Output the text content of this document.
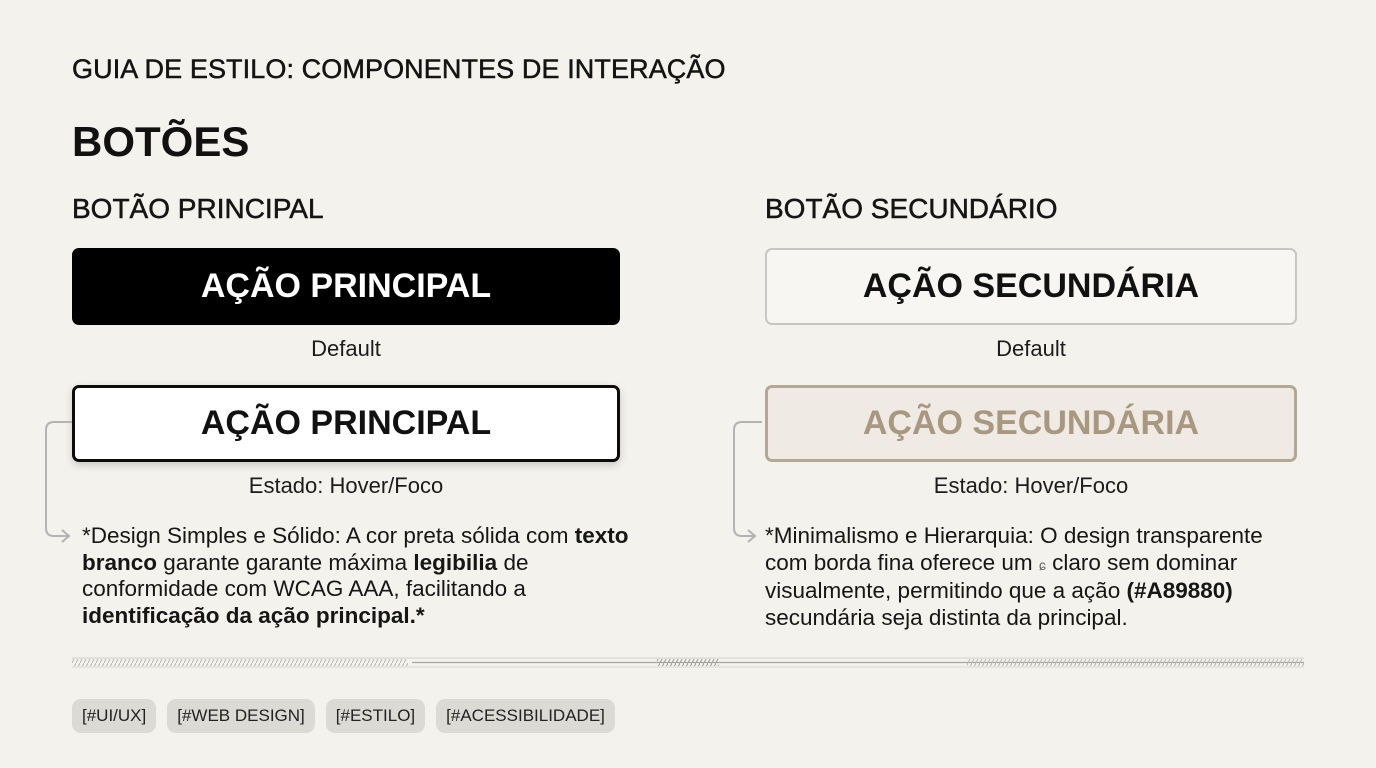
GUIA DE ESTILO: COMPONENTES DE INTERAÇÃO
BOTÕES
BOTÃO PRINCIPAL
AÇÃO PRINCIPAL
Default
AÇÃO PRINCIPAL
Estado: Hover/Foco
*Design Simples e Sólido: A cor preta sólida com texto branco garante garante máxima legibilia de conformidade com WCAG AAA, facilitando a identificação da ação principal.*
BOTÃO SECUNDÁRIO
AÇÃO SECUNDÁRIA
Default
AÇÃO SECUNDÁRIA
Estado: Hover/Foco
*Minimalismo e Hierarquia: O design transparente com borda fina oferece um ɕ claro sem dominar visualmente, permitindo que a ação (#A89880) secundária seja distinta da principal.
[#UI/UX]	[#WEB DESIGN]	[#ESTILO]	[#ACESSIBILIDADE]
